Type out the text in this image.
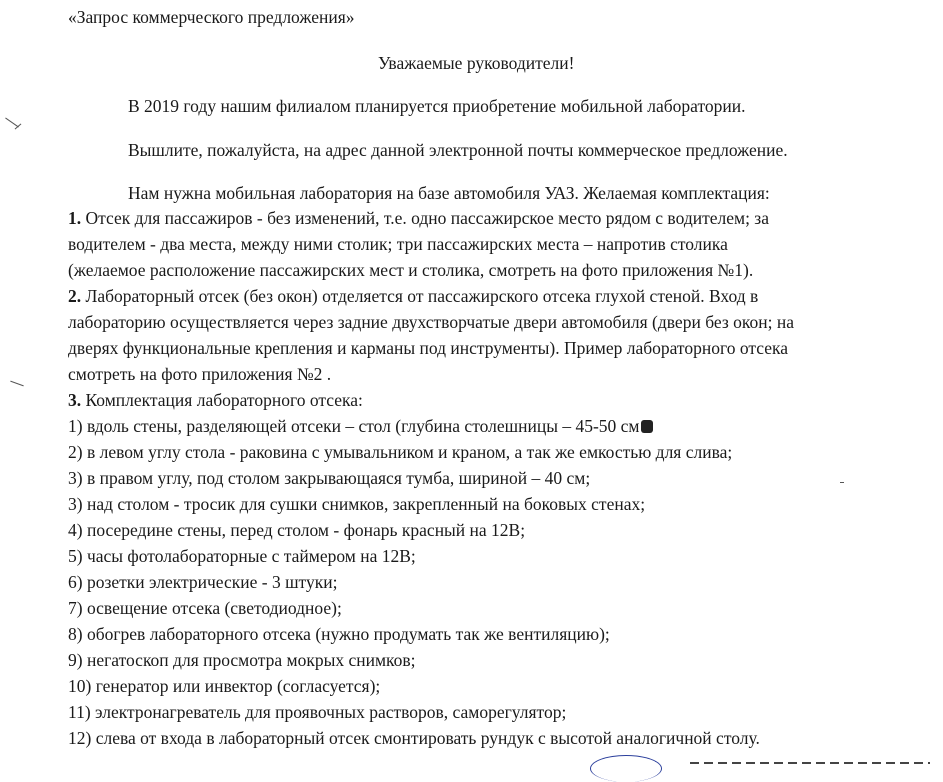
«Запрос коммерческого предложения»
Уважаемые руководители!
В 2019 году нашим филиалом планируется приобретение мобильной лаборатории.
Вышлите, пожалуйста, на адрес данной электронной почты коммерческое предложение.
Нам нужна мобильная лаборатория на базе автомобиля УАЗ. Желаемая комплектация:
1. Отсек для пассажиров - без изменений, т.е. одно пассажирское место рядом с водителем; за
водителем - два места, между ними столик; три пассажирских места – напротив столика
(желаемое расположение пассажирских мест и столика, смотреть на фото приложения №1).
2. Лабораторный отсек (без окон) отделяется от пассажирского отсека глухой стеной. Вход в
лабораторию осуществляется через задние двухстворчатые двери автомобиля (двери без окон; на
дверях функциональные крепления и карманы под инструменты). Пример лабораторного отсека
смотреть на фото приложения №2 .
3. Комплектация лабораторного отсека:
1) вдоль стены, разделяющей отсеки – стол (глубина столешницы – 45-50 см
2) в левом углу стола - раковина с умывальником и краном, а так же емкостью для слива;
3) в правом углу, под столом закрывающаяся тумба, шириной – 40 см;
3) над столом - тросик для сушки снимков, закрепленный на боковых стенах;
4) посередине стены, перед столом - фонарь красный на 12В;
5) часы фотолабораторные с таймером на 12В;
6) розетки электрические - 3 штуки;
7) освещение отсека (светодиодное);
8) обогрев лабораторного отсека (нужно продумать так же вентиляцию);
9) негатоскоп для просмотра мокрых снимков;
10) генератор или инвектор (согласуется);
11) электронагреватель для проявочных растворов, саморегулятор;
12) слева от входа в лабораторный отсек смонтировать рундук с высотой аналогичной столу.
